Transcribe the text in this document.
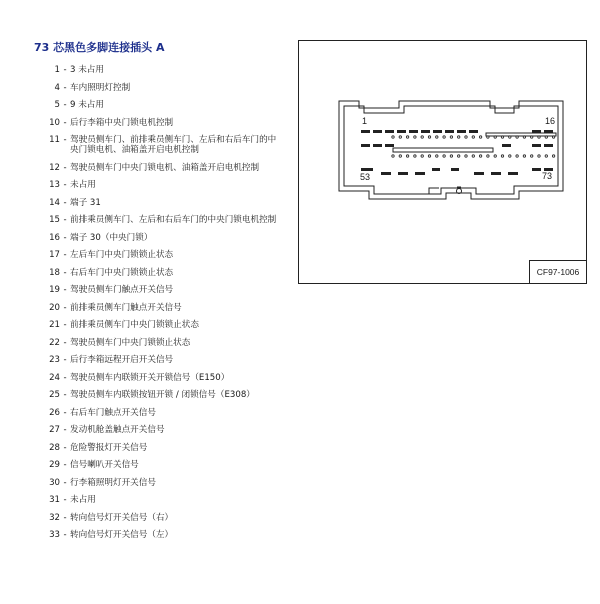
73 芯黑色多脚连接插头 A
1 - 3 未占用
4 - 车内照明灯控制
5 - 9 未占用
10 - 后行李箱中央门锁电机控制
11 - 驾驶员侧车门、前排乘员侧车门、左后和右后车门的中央门锁电机、油箱盖开启电机控制
12 - 驾驶员侧车门中央门锁电机、油箱盖开启电机控制
13 - 未占用
14 - 端子 31
15 - 前排乘员侧车门、左后和右后车门的中央门锁电机控制
16 - 端子 30（中央门锁）
17 - 左后车门中央门锁锁止状态
18 - 右后车门中央门锁锁止状态
19 - 驾驶员侧车门触点开关信号
20 - 前排乘员侧车门触点开关信号
21 - 前排乘员侧车门中央门锁锁止状态
22 - 驾驶员侧车门中央门锁锁止状态
23 - 后行李箱远程开启开关信号
24 - 驾驶员侧车内联锁开关开锁信号（E150）
25 - 驾驶员侧车内联锁按钮开锁 / 闭锁信号（E308）
26 - 右后车门触点开关信号
27 - 发动机舱盖触点开关信号
28 - 危险警报灯开关信号
29 - 信号喇叭开关信号
30 - 行李箱照明灯开关信号
31 - 未占用
32 - 转向信号灯开关信号（右）
33 - 转向信号灯开关信号（左）
1	16
53	73
CF97-1006
